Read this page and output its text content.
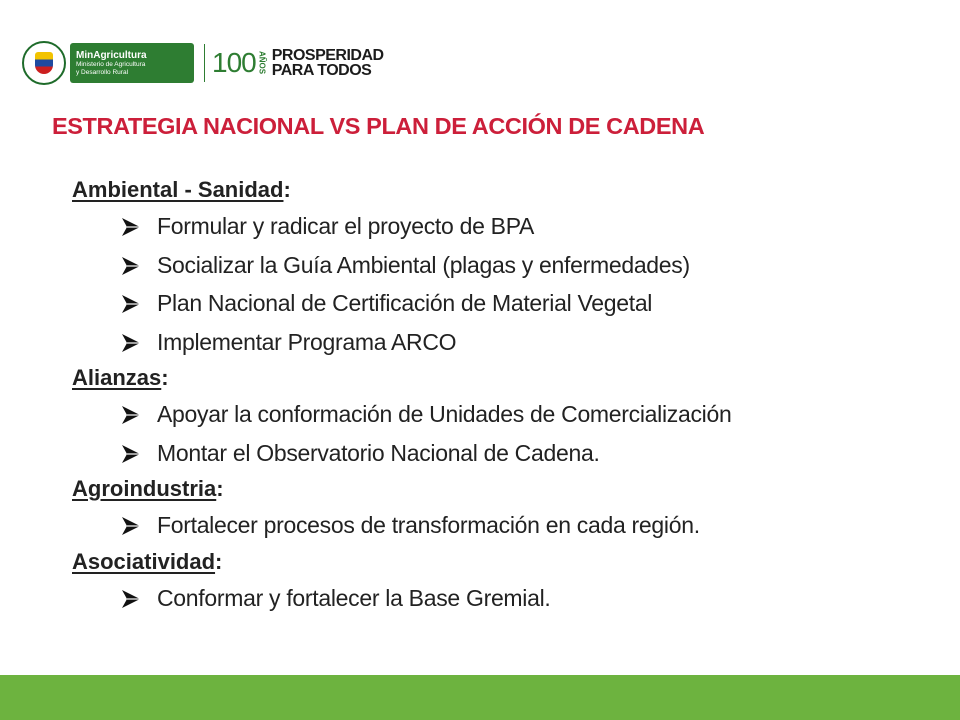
MinAgricultura
Ministerio de Agricultura
y Desarrollo Rural	100 AÑOS PROSPERIDAD
PARA TODOS
ESTRATEGIA NACIONAL VS PLAN DE ACCIÓN DE CADENA
Ambiental - Sanidad:
Formular y radicar el proyecto de BPA
Socializar la Guía Ambiental (plagas y enfermedades)
Plan Nacional de Certificación de Material Vegetal
Implementar Programa ARCO
Alianzas:
Apoyar la conformación de Unidades de Comercialización
Montar el Observatorio Nacional de Cadena.
Agroindustria:
Fortalecer procesos de transformación en cada región.
Asociatividad:
Conformar y fortalecer la Base Gremial.
